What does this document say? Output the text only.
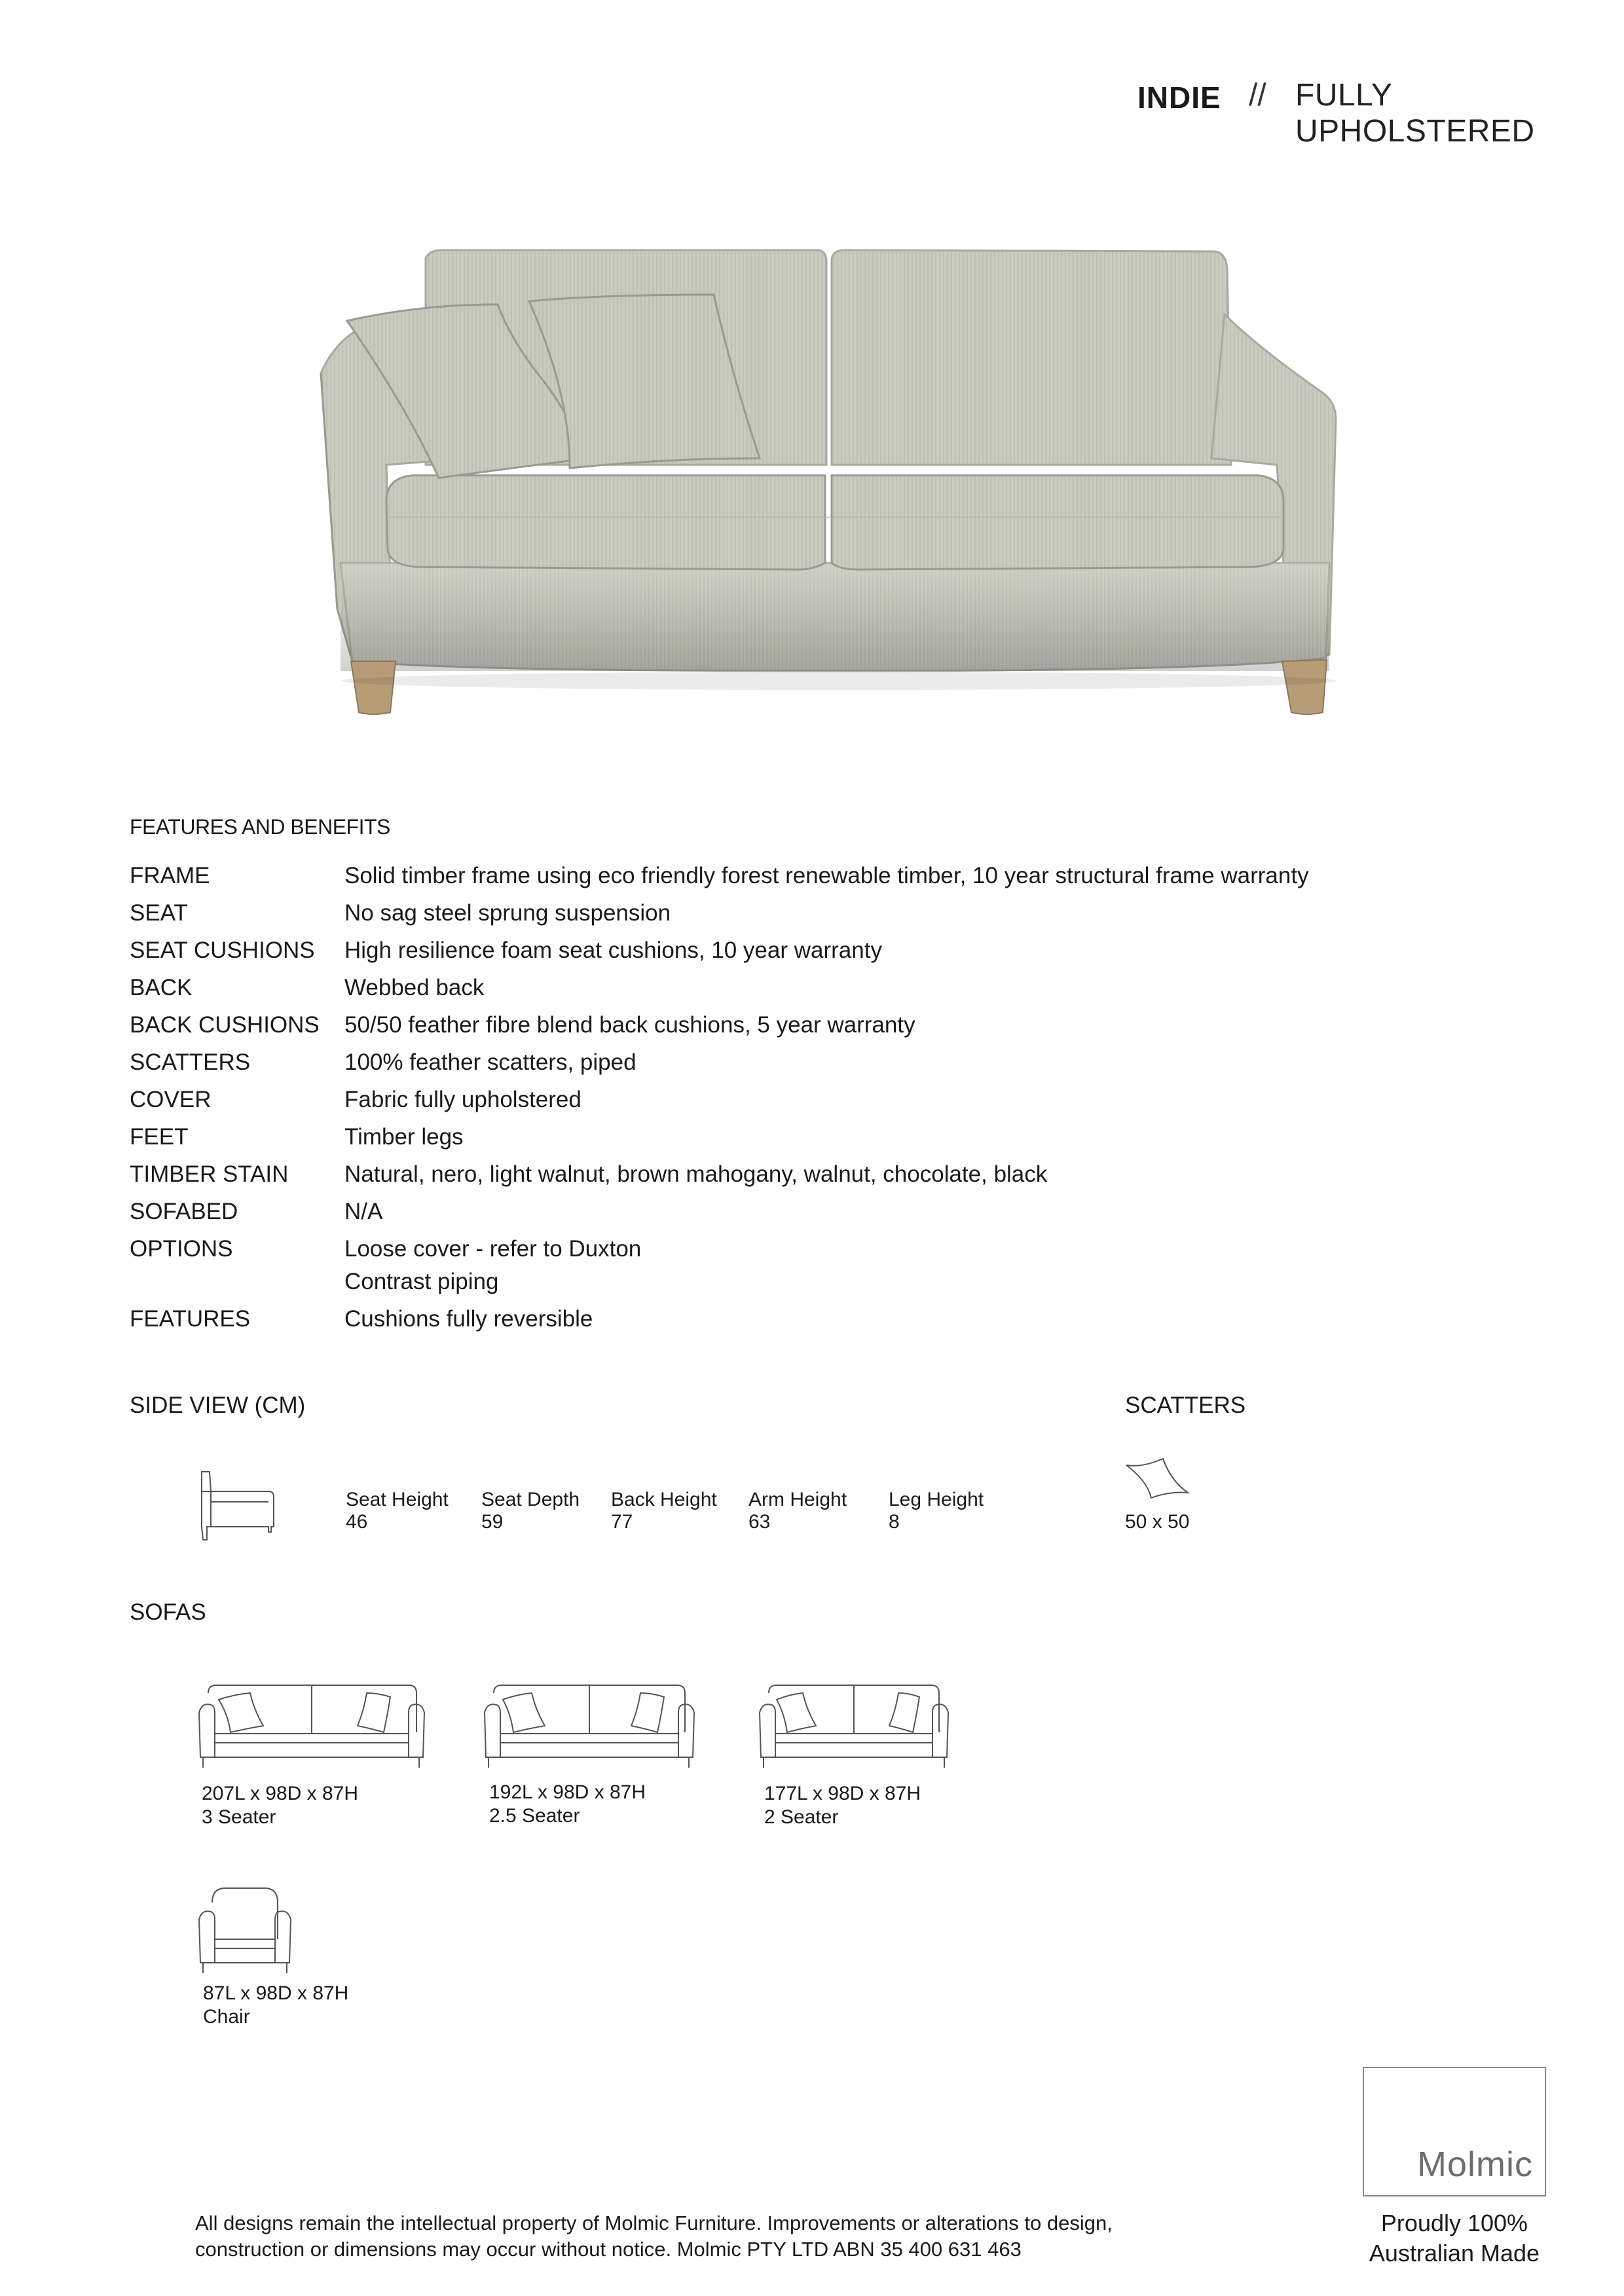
INDIE // FULLY UPHOLSTERED
FEATURES AND BENEFITS
FRAME	Solid timber frame using eco friendly forest renewable timber, 10 year structural frame warranty
SEAT	No sag steel sprung suspension
SEAT CUSHIONS	High resilience foam seat cushions, 10 year warranty
BACK	Webbed back
BACK CUSHIONS	50/50 feather fibre blend back cushions, 5 year warranty
SCATTERS	100% feather scatters, piped
COVER	Fabric fully upholstered
FEET	Timber legs
TIMBER STAIN	Natural, nero, light walnut, brown mahogany, walnut, chocolate, black
SOFABED	N/A
OPTIONS	Loose cover - refer to Duxton
Contrast piping
FEATURES	Cushions fully reversible
SIDE VIEW (CM)
Seat Height
46
Seat Depth
59
Back Height
77
Arm Height
63
Leg Height
8
SCATTERS
50 x 50
SOFAS
207L x 98D x 87H
3 Seater
192L x 98D x 87H
2.5 Seater
177L x 98D x 87H
2 Seater
87L x 98D x 87H
Chair
Molmic
Proudly 100%
Australian Made
All designs remain the intellectual property of Molmic Furniture. Improvements or alterations to design,
construction or dimensions may occur without notice. Molmic PTY LTD ABN 35 400 631 463
